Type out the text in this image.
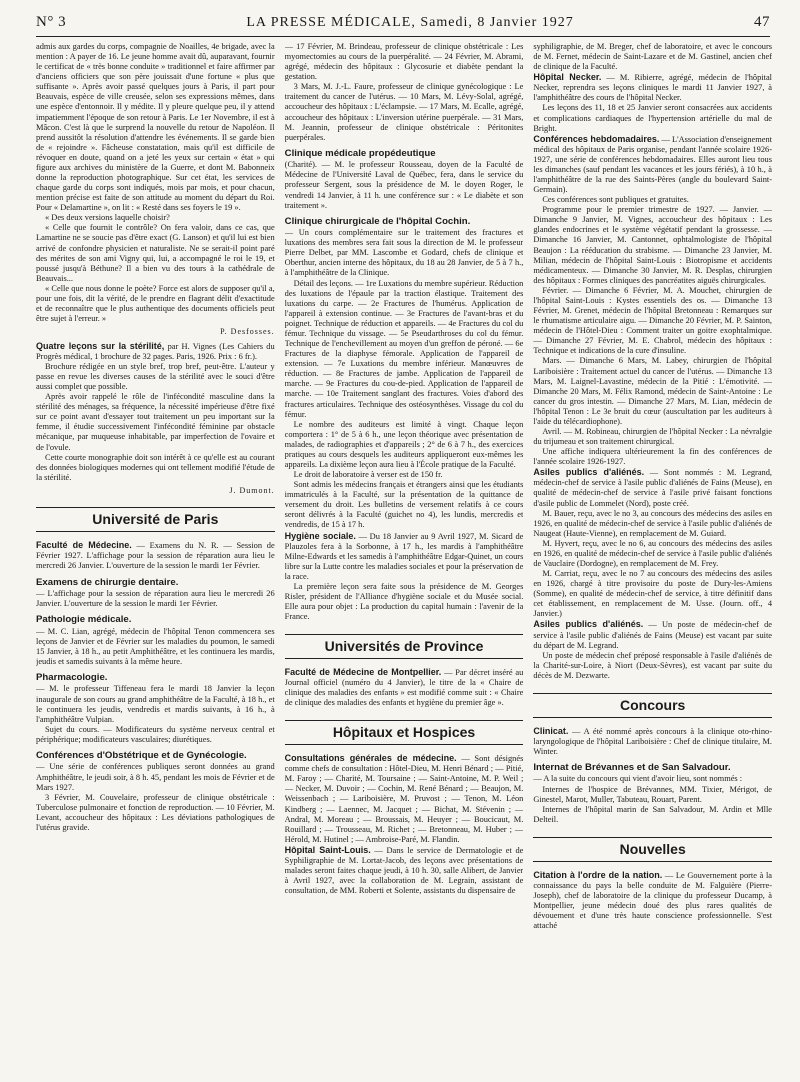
N° 3	LA PRESSE MÉDICALE, Samedi, 8 Janvier 1927	47

admis aux gardes du corps, compagnie de Noailles, 4e brigade, avec la mention : A payer de 16. Le jeune homme avait dû, auparavant, fournir le certificat de « très bonne conduite » traditionnel et faire affirmer par d'anciens officiers que son père jouissait d'une fortune « plus que suffisante ». Après avoir passé quelques jours à Paris, il part pour Beauvais, espèce de ville creusée, selon ses expressions mêmes, dans une espèce d'entonnoir. Il y médite. Il y pleure quelque peu, il y attend impatiemment l'époque de son retour à Paris. Le 1er Novembre, il est à Mâcon. C'est là que le surprend la nouvelle du retour de Napoléon. Il prend aussitôt la résolution d'attendre les événements. Il se garde bien de « rejoindre ». Fâcheuse constatation, mais qu'il est difficile de révoquer en doute, quand on a jeté les yeux sur certain « état » qui figure aux archives du ministère de la Guerre, et dont M. Babonneix donne la reproduction photographique. Sur cet état, les services de chaque garde du corps sont indiqués, mois par mois, et pour chacun, mention précise est faite de son attitude au moment du départ du Roi. Pour « Delamartine », on lit : « Resté dans ses foyers le 19 ».

« Des deux versions laquelle choisir?

« Celle que fournit le contrôle? On fera valoir, dans ce cas, que Lamartine ne se soucie pas d'être exact (G. Lanson) et qu'il lui est bien arrivé de confondre physicien et naturaliste. Ne se serait-il point paré des mérites de son ami Vigny qui, lui, a accompagné le roi le 19, et poussé jusqu'à Béthune? Il a bien vu des tours à la cathédrale de Beauvais...

« Celle que nous donne le poète? Force est alors de supposer qu'il a, pour une fois, dit la vérité, de le prendre en flagrant délit d'exactitude et de reconnaître que le plus authentique des documents officiels peut être sujet à l'erreur. »

P. Desfosses.

Quatre leçons sur la stérilité, par H. Vignes (Les Cahiers du Progrès médical, 1 brochure de 32 pages. Paris, 1926. Prix : 6 fr.).

Brochure rédigée en un style bref, trop bref, peut-être. L'auteur y passe en revue les diverses causes de la stérilité avec le souci d'être aussi complet que possible.

Après avoir rappelé le rôle de l'infécondité masculine dans la stérilité des ménages, sa fréquence, la nécessité impérieuse d'être fixé sur ce point avant d'essayer tout traitement un peu important sur la femme, il étudie successivement l'infécondité féminine par obstacle mécanique, par muqueuse inhabitable, par imperfection de l'ovaire et de l'ovule.

Cette courte monographie doit son intérêt à ce qu'elle est au courant des données biologiques modernes qui ont tellement modifié l'étude de la stérilité.

J. Dumont.
Université de Paris

Faculté de Médecine. — Examens du N. R. — Session de Février 1927. L'affichage pour la session de réparation aura lieu le mercredi 26 Janvier. L'ouverture de la session le mardi 1er Février.

Examens de chirurgie dentaire.

— L'affichage pour la session de réparation aura lieu le mercredi 26 Janvier. L'ouverture de la session le mardi 1er Février.

Pathologie médicale.

— M. C. Lian, agrégé, médecin de l'hôpital Tenon commencera ses leçons de Janvier et de Février sur les maladies du poumon, le samedi 15 Janvier, à 18 h., au petit Amphithéâtre, et les continuera les mardis, jeudis et samedis suivants à la même heure.

Pharmacologie.

— M. le professeur Tiffeneau fera le mardi 18 Janvier la leçon inaugurale de son cours au grand amphithéâtre de la Faculté, à 18 h., et le continuera les jeudis, vendredis et mardis suivants, à 16 h., à l'amphithéâtre Vulpian.

Sujet du cours. — Modificateurs du système nerveux central et périphérique; modificateurs vasculaires; diurétiques.

Conférences d'Obstétrique et de Gynécologie.

— Une série de conférences publiques seront données au grand Amphithéâtre, le jeudi soir, à 8 h. 45, pendant les mois de Février et de Mars 1927.

3 Février, M. Couvelaire, professeur de clinique obstétricale : Tuberculose pulmonaire et fonction de reproduction. — 10 Février, M. Levant, accoucheur des hôpitaux : Les déviations pathologiques de l'utérus gravide.

— 17 Février, M. Brindeau, professeur de clinique obstétricale : Les myomectomies au cours de la puerpéralité. — 24 Février, M. Abrami, agrégé, médecin des hôpitaux : Glycosurie et diabète pendant la gestation.

3 Mars, M. J.-L. Faure, professeur de clinique gynécologique : Le traitement du cancer de l'utérus. — 10 Mars, M. Lévy-Solal, agrégé, accoucheur des hôpitaux : L'éclampsie. — 17 Mars, M. Ecalle, agrégé, accoucheur des hôpitaux : L'inversion utérine puerpérale. — 31 Mars, M. Jeannin, professeur de clinique obstétricale : Péritonites puerpérales.

Clinique médicale propédeutique

(Charité). — M. le professeur Rousseau, doyen de la Faculté de Médecine de l'Université Laval de Québec, fera, dans le service du professeur Sergent, sous la présidence de M. le doyen Roger, le vendredi 14 Janvier, à 11 h. une conférence sur : « Le diabète et son traitement ».

Clinique chirurgicale de l'hôpital Cochin.

— Un cours complémentaire sur le traitement des fractures et luxations des membres sera fait sous la direction de M. le professeur Pierre Delbet, par MM. Lascombe et Godard, chefs de clinique et Oberthur, ancien interne des hôpitaux, du 18 au 28 Janvier, de 5 à 7 h., à l'amphithéâtre de la Clinique.

Détail des leçons. — 1re Luxations du membre supérieur. Réduction des luxations de l'épaule par la traction élastique. Traitement des luxations du carpe. — 2e Fractures de l'humérus. Application de l'appareil à extension continue. — 3e Fractures de l'avant-bras et du poignet. Technique de réduction et appareils. — 4e Fractures du col du fémur. Technique du vissage. — 5e Pseudarthroses du col du fémur. Technique de l'enchevillement au moyen d'un greffon de péroné. — 6e Fractures de la diaphyse fémorale. Application de l'appareil de extension. — 7e Luxations du membre inférieur. Manœuvres de réduction. — 8e Fractures de jambe. Application de l'appareil de marche. — 9e Fractures du cou-de-pied. Application de l'appareil de marche. — 10e Traitement sanglant des fractures. Voies d'abord des fractures articulaires. Technique des ostéosynthèses. Vissage du col du fémur.

Le nombre des auditeurs est limité à vingt. Chaque leçon comportera : 1° de 5 à 6 h., une leçon théorique avec présentation de malades, de radiographies et d'appareils ; 2° de 6 à 7 h., des exercices pratiques au cours desquels les auditeurs appliqueront eux-mêmes les appareils. La dixième leçon aura lieu à l'École pratique de la Faculté.

Le droit de laboratoire à verser est de 150 fr.

Sont admis les médecins français et étrangers ainsi que les étudiants immatriculés à la Faculté, sur la présentation de la quittance de versement du droit. Les bulletins de versement relatifs à ce cours seront délivrés à la Faculté (guichet no 4), les lundis, mercredis et vendredis, de 15 à 17 h.

Hygiène sociale. — Du 18 Janvier au 9 Avril 1927, M. Sicard de Plauzoles fera à la Sorbonne, à 17 h., les mardis à l'amphithéâtre Milne-Edwards et les samedis à l'amphithéâtre Edgar-Quinet, un cours libre sur la Lutte contre les maladies sociales et pour la préservation de la race.

La première leçon sera faite sous la présidence de M. Georges Risler, président de l'Alliance d'hygiène sociale et du Musée social. Elle aura pour objet : La production du capital humain : l'avenir de la France.

Universités de Province

Faculté de Médecine de Montpellier. — Par décret inséré au Journal officiel (numéro du 4 Janvier), le titre de la « Chaire de clinique des maladies des enfants » est modifié comme suit : « Chaire de clinique des maladies des enfants et hygiène du premier âge ».

Hôpitaux et Hospices

Consultations générales de médecine. — Sont désignés comme chefs de consultation : Hôtel-Dieu, M. Henri Bénard ; — Pitié, M. Faroy ; — Charité, M. Toursaine ; — Saint-Antoine, M. P. Weil ; — Necker, M. Duvoir ; — Cochin, M. René Bénard ; — Beaujon, M. Weissenbach ; — Lariboisière, M. Pruvost ; — Tenon, M. Léon Kindberg ; — Laennec, M. Jacquet ; — Bichat, M. Stévenin ; — Andral, M. Moreau ; — Broussais, M. Heuyer ; — Boucicaut, M. Rouillard ; — Trousseau, M. Richet ; — Bretonneau, M. Huber ; — Hérold, M. Hutinel ; — Ambroise-Paré, M. Flandin.

Hôpital Saint-Louis. — Dans le service de Dermatologie et de Syphiligraphie de M. Lortat-Jacob, des leçons avec présentations de malades seront faites chaque jeudi, à 10 h. 30, salle Alibert, de Janvier à Avril 1927, avec la collaboration de M. Legrain, assistant de consultation, de MM. Roberti et Solente, assistants du dispensaire de

syphiligraphie, de M. Breger, chef de laboratoire, et avec le concours de M. Fernet, médecin de Saint-Lazare et de M. Gastinel, ancien chef de clinique de la Faculté.

Hôpital Necker. — M. Ribierre, agrégé, médecin de l'hôpital Necker, reprendra ses leçons cliniques le mardi 11 Janvier 1927, à l'amphithéâtre des cours de l'hôpital Necker.

Les leçons des 11, 18 et 25 Janvier seront consacrées aux accidents et complications cardiaques de l'hypertension artérielle du mal de Bright.

Conférences hebdomadaires. — L'Association d'enseignement médical des hôpitaux de Paris organise, pendant l'année scolaire 1926-1927, une série de conférences hebdomadaires. Elles auront lieu tous les dimanches (sauf pendant les vacances et les jours fériés), à 10 h., à l'amphithéâtre de la rue des Saints-Pères (angle du boulevard Saint-Germain).

Ces conférences sont publiques et gratuites.

Programme pour le premier trimestre de 1927. — Janvier. — Dimanche 9 Janvier, M. Vignes, accoucheur des hôpitaux : Les glandes endocrines et le système végétatif pendant la grossesse. — Dimanche 16 Janvier, M. Cantonnet, ophtalmologiste de l'hôpital Beaujon : La rééducation du strabisme. — Dimanche 23 Janvier, M. Milian, médecin de l'hôpital Saint-Louis : Biotropisme et accidents médicamenteux. — Dimanche 30 Janvier, M. R. Desplas, chirurgien des hôpitaux : Formes cliniques des pancréatites aiguës chirurgicales.

Février. — Dimanche 6 Février, M. A. Mouchet, chirurgien de l'hôpital Saint-Louis : Kystes essentiels des os. — Dimanche 13 Février, M. Grenet, médecin de l'hôpital Bretonneau : Remarques sur le rhumatisme articulaire aigu. — Dimanche 20 Février, M. P. Sainton, médecin de l'Hôtel-Dieu : Comment traiter un goitre exophtalmique. — Dimanche 27 Février, M. E. Chabrol, médecin des hôpitaux : Technique et indications de la cure d'insuline.

Mars. — Dimanche 6 Mars, M. Labey, chirurgien de l'hôpital Lariboisière : Traitement actuel du cancer de l'utérus. — Dimanche 13 Mars, M. Laignel-Lavastine, médecin de la Pitié : L'émotivité. — Dimanche 20 Mars, M. Félix Ramond, médecin de Saint-Antoine : Le cancer du gros intestin. — Dimanche 27 Mars, M. Lian, médecin de l'hôpital Tenon : Le 3e bruit du cœur (auscultation par les auditeurs à l'aide du télécardiophone).

Avril. — M. Robineau, chirurgien de l'hôpital Necker : La névralgie du trijumeau et son traitement chirurgical.

Une affiche indiquera ultérieurement la fin des conférences de l'année scolaire 1926-1927.

Asiles publics d'aliénés. — Sont nommés : M. Legrand, médecin-chef de service à l'asile public d'aliénés de Fains (Meuse), en qualité de médecin-chef de service à l'asile privé faisant fonctions d'asile public de Lommelet (Nord), poste créé.

M. Bauer, reçu, avec le no 3, au concours des médecins des asiles en 1926, en qualité de médecin-chef de service à l'asile public d'aliénés de Naugeat (Haute-Vienne), en remplacement de M. Guiard.

M. Hyvert, reçu, avec le no 6, au concours des médecins des asiles en 1926, en qualité de médecin-chef de service à l'asile public d'aliénés de Vauclaire (Dordogne), en remplacement de M. Frey.

M. Carriat, reçu, avec le no 7 au concours des médecins des asiles en 1926, chargé à titre provisoire du poste de Dury-les-Amiens (Somme), en qualité de médecin-chef de service, à titre définitif dans cet établissement, en remplacement de M. Usse. (Journ. off., 4 Janvier.)

Asiles publics d'aliénés. — Un poste de médecin-chef de service à l'asile public d'aliénés de Fains (Meuse) est vacant par suite du départ de M. Legrand.

Un poste de médecin chef préposé responsable à l'asile d'aliénés de la Charité-sur-Loire, à Niort (Deux-Sèvres), est vacant par suite du décès de M. Dezwarte.

Concours

Clinicat. — A été nommé après concours à la clinique oto-rhino-laryngologique de l'hôpital Lariboisière : Chef de clinique titulaire, M. Winter.

Internat de Brévannes et de San Salvadour.

— A la suite du concours qui vient d'avoir lieu, sont nommés :

Internes de l'hospice de Brévannes, MM. Tixier, Mérigot, de Ginestel, Marot, Muller, Tabuteau, Rouart, Parent.

Internes de l'hôpital marin de San Salvadour, M. Ardin et Mlle Delteil.

Nouvelles

Citation à l'ordre de la nation. — Le Gouvernement porte à la connaissance du pays la belle conduite de M. Falguière (Pierre-Joseph), chef de laboratoire de la clinique du professeur Ducamp, à Montpellier, jeune médecin doué des plus rares qualités de dévouement et d'une très haute conscience professionnelle. S'est attaché
